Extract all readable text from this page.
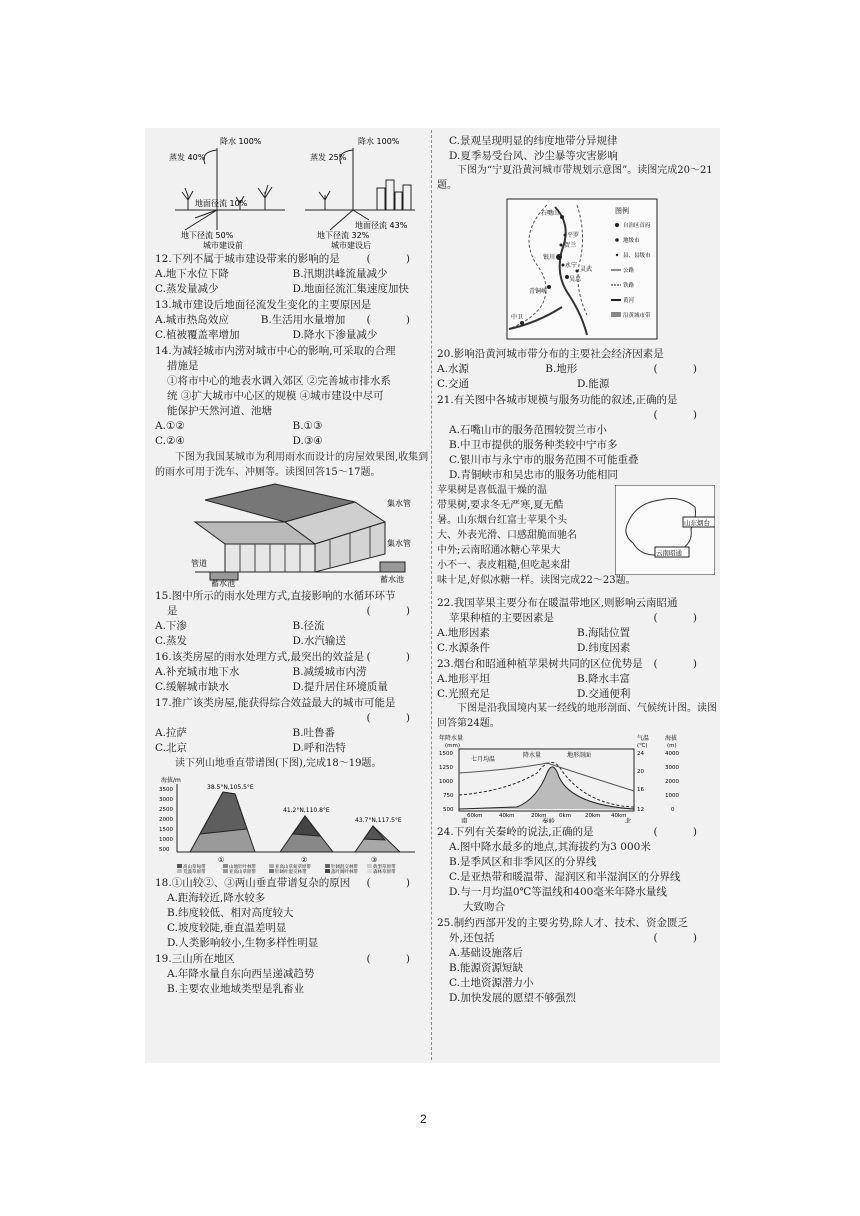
降水 100%
蒸发 40%
地面径流 10%
地下径流 50%
城市建设前
降水 100%
蒸发 25%
地面径流 43%
地下径流 32%
城市建设后
12.下列不属于城市建设带来的影响的是	( )
A.地下水位下降	B.汛期洪峰流量减少
C.蒸发量减少	D.地面径流汇集速度加快
13.城市建设后地面径流发生变化的主要原因是
( )
A.城市热岛效应	B.生活用水量增加
C.植被覆盖率增加	D.降水下渗量减少
14.为减轻城市内涝对城市中心的影响,可采取的合理
措施是
①将市中心的地表水调入郊区 ②完善城市排水系
统 ③扩大城市中心区的规模 ④城市建设中尽可
能保护天然河道、池塘
A.①②	B.①③
C.②④	D.③④
下图为我国某城市为利用雨水而设计的房屋效果图,收集到的雨水可用于洗车、冲厕等。读图回答15～17题。
集水管
集水管
管道
蓄水池	蓄水池
15.图中所示的雨水处理方式,直接影响的水循环环节
是	( )
A.下渗	B.径流
C.蒸发	D.水汽输送
16.该类房屋的雨水处理方式,最突出的效益是 ( )
A.补充城市地下水	B.减缓城市内涝
C.缓解城市缺水	D.提升居住环境质量
17.推广该类房屋,能获得综合效益最大的城市可能是
( )

A.拉萨	B.吐鲁番
C.北京	D.呼和浩特
读下列山地垂直带谱图(下图),完成18～19题。
海拔/m
3500
3000
2500
2000
1500
1000
500
38.5°N,105.5°E
41.2°N,110.8°E
43.7°N,117.5°E
①	②	③
高山草甸带	山地针叶林带	亚高山草甸草原带	针阔混交林带	典型草原带
荒漠草原带	亚高山草原带	针阔叶混交林带	落叶阔叶林带	森林草原带
18.①山较②、③两山垂直带谱复杂的原因 ( )
A.距海较近,降水较多
B.纬度较低、相对高度较大
C.坡度较陡,垂直温差明显
D.人类影响较小,生物多样性明显
19.三山所在地区	( )
A.年降水量自东向西呈递减趋势
B.主要农业地域类型是乳畜业
C.景观呈现明显的纬度地带分异规律
D.夏季易受台风、沙尘暴等灾害影响
下图为“宁夏沿黄河城市带规划示意图”。读图完成20～21题。
石嘴山
银川
吴忠
青铜峡
中卫
平罗
永宁
灵武
贺兰
图例
自治区首府
地级市
县、县级市
公路
铁路
黄河
沿黄城市带
20.影响沿黄河城市带分布的主要社会经济因素是
( )
A.水源	B.地形
C.交通	D.能源
21.有关图中各城市规模与服务功能的叙述,正确的是
( )

A.石嘴山市的服务范围较贺兰市小
B.中卫市提供的服务种类较中宁市多
C.银川市与永宁市的服务范围不可能重叠
D.青铜峡市和吴忠市的服务功能相同
苹果树是喜低温干燥的温
带果树,要求冬无严寒,夏无酷
暑。山东烟台红富士苹果个头
大、外表光滑、口感甜脆而驰名
中外;云南昭通冰糖心苹果大
小不一、表皮粗糙,但吃起来甜
味十足,好似冰糖一样。读图完成22～23题。
山东烟台
云南昭通
22.我国苹果主要分布在暖温带地区,则影响云南昭通
苹果种植的主要因素是	( )
A.地形因素	B.海陆位置
C.水源条件	D.纬度因素
23.烟台和昭通种植苹果树共同的区位优势是 ( )
A.地形平坦	B.降水丰富
C.光照充足	D.交通便利
下图是沿我国境内某一经线的地形剖面、气候统计图。读图回答第24题。
年降水量
(mm)
气温
(℃)
海拔
(m)
1500
1250
1000
750
500
24
20
16
12
4000
3000
2000
1000
0
七月均温
降水量	地形剖面
60km	40km	20km 0km	20km 40km
南	秦岭	北
24.下列有关秦岭的说法,正确的是	( )
A.图中降水最多的地点,其海拔约为3 000米
B.是季风区和非季风区的分界线
C.是亚热带和暖温带、湿润区和半湿润区的分界线
D.与一月均温0℃等温线和400毫米年降水量线
大致吻合
25.制约西部开发的主要劣势,除人才、技术、资金匮乏
外,还包括	( )
A.基础设施落后
B.能源资源短缺
C.土地资源潜力小
D.加快发展的愿望不够强烈
2
